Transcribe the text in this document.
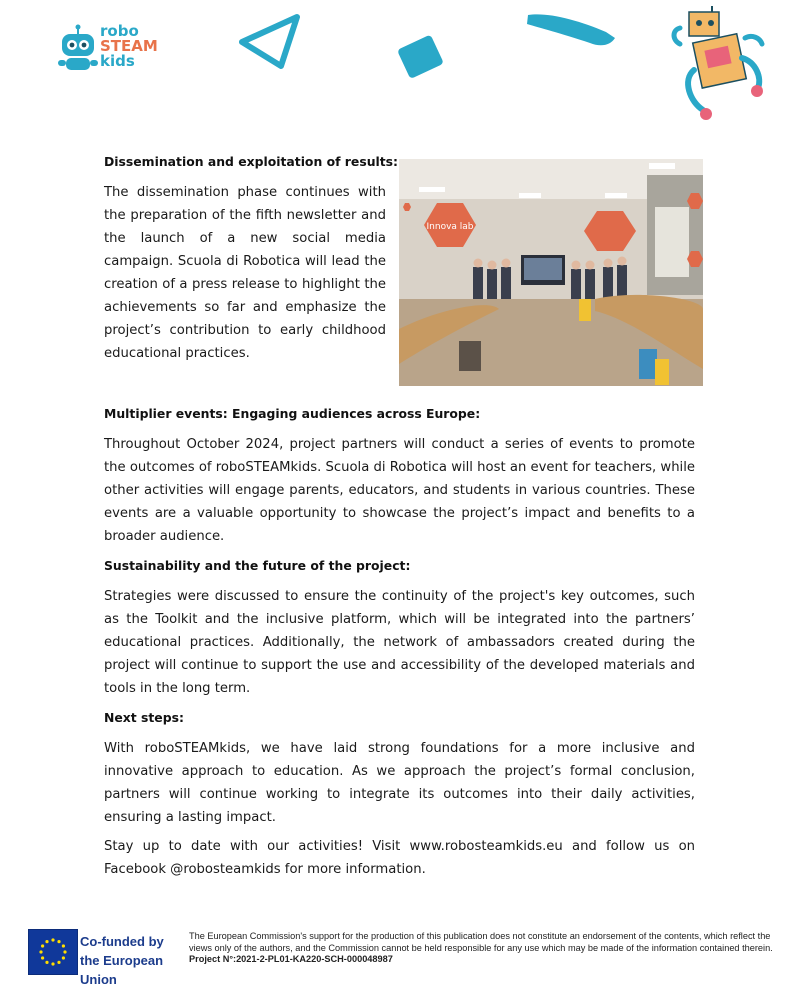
robo
STEAM
kids
Dissemination and exploitation of results:

The dissemination phase continues with the preparation of the fifth newsletter and the launch of a new social media campaign. Scuola di Robotica will lead the creation of a press release to highlight the achievements so far and emphasize the project’s contribution to early childhood educational practices.

Innova lab
Multiplier events: Engaging audiences across Europe:

Throughout October 2024, project partners will conduct a series of events to promote the outcomes of roboSTEAMkids. Scuola di Robotica will host an event for teachers, while other activities will engage parents, educators, and students in various countries. These events are a valuable opportunity to showcase the project’s impact and benefits to a broader audience.

Sustainability and the future of the project:

Strategies were discussed to ensure the continuity of the project's key outcomes, such as the Toolkit and the inclusive platform, which will be integrated into the partners’ educational practices. Additionally, the network of ambassadors created during the project will continue to support the use and accessibility of the developed materials and tools in the long term.

Next steps:

With roboSTEAMkids, we have laid strong foundations for a more inclusive and innovative approach to education. As we approach the project’s formal conclusion, partners will continue working to integrate its outcomes into their daily activities, ensuring a lasting impact.

Stay up to date with our activities! Visit www.robosteamkids.eu and follow us on Facebook @robosteamkids for more information.

Co-funded by
the European Union
The European Commission's support for the production of this publication does not constitute an endorsement of the contents, which reflect the views only of the authors, and the Commission cannot be held responsible for any use which may be made of the information contained therein. Project N°:2021-2-PL01-KA220-SCH-000048987
